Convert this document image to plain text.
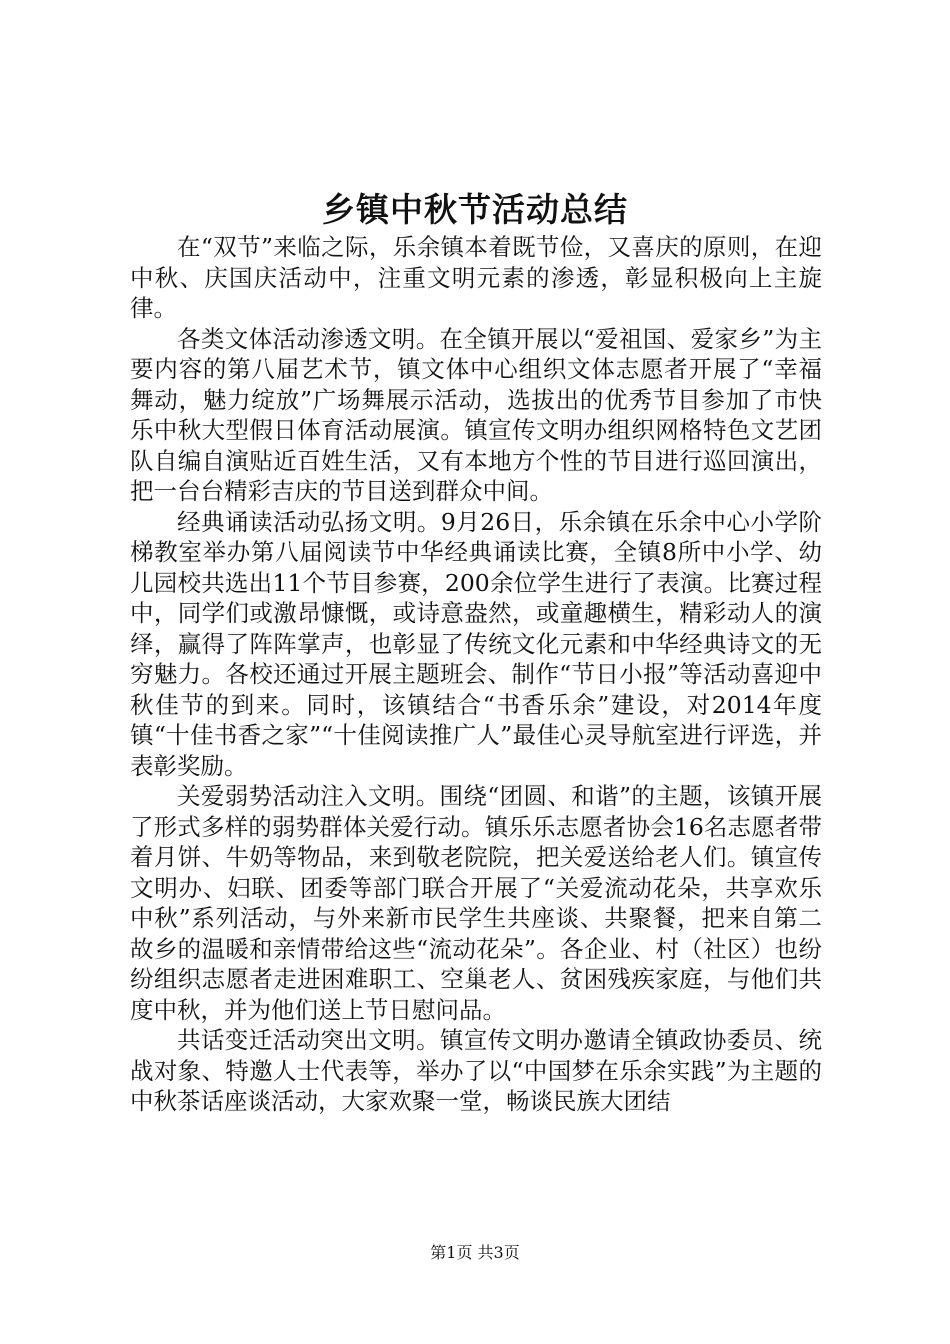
乡镇中秋节活动总结

在“双节”来临之际，乐余镇本着既节俭，又喜庆的原则，在迎中秋、庆国庆活动中，注重文明元素的渗透，彰显积极向上主旋律。

各类文体活动渗透文明。在全镇开展以“爱祖国、爱家乡”为主要内容的第八届艺术节，镇文体中心组织文体志愿者开展了“幸福舞动，魅力绽放”广场舞展示活动，选拔出的优秀节目参加了市快乐中秋大型假日体育活动展演。镇宣传文明办组织网格特色文艺团队自编自演贴近百姓生活，又有本地方个性的节目进行巡回演出，把一台台精彩吉庆的节目送到群众中间。

经典诵读活动弘扬文明。9月26日，乐余镇在乐余中心小学阶梯教室举办第八届阅读节中华经典诵读比赛，全镇8所中小学、幼儿园校共选出11个节目参赛，200余位学生进行了表演。比赛过程中，同学们或激昂慷慨，或诗意盎然，或童趣横生，精彩动人的演绎，赢得了阵阵掌声，也彰显了传统文化元素和中华经典诗文的无穷魅力。各校还通过开展主题班会、制作“节日小报”等活动喜迎中秋佳节的到来。同时，该镇结合“书香乐余”建设，对2014年度镇“十佳书香之家”“十佳阅读推广人”最佳心灵导航室进行评选，并表彰奖励。

关爱弱势活动注入文明。围绕“团圆、和谐”的主题，该镇开展了形式多样的弱势群体关爱行动。镇乐乐志愿者协会16名志愿者带着月饼、牛奶等物品，来到敬老院院，把关爱送给老人们。镇宣传文明办、妇联、团委等部门联合开展了“关爱流动花朵，共享欢乐中秋”系列活动，与外来新市民学生共座谈、共聚餐，把来自第二故乡的温暖和亲情带给这些“流动花朵”。各企业、村（社区）也纷纷组织志愿者走进困难职工、空巢老人、贫困残疾家庭，与他们共度中秋，并为他们送上节日慰问品。

共话变迁活动突出文明。镇宣传文明办邀请全镇政协委员、统战对象、特邀人士代表等，举办了以“中国梦在乐余实践”为主题的中秋茶话座谈活动，大家欢聚一堂，畅谈民族大团结

第1页 共3页
